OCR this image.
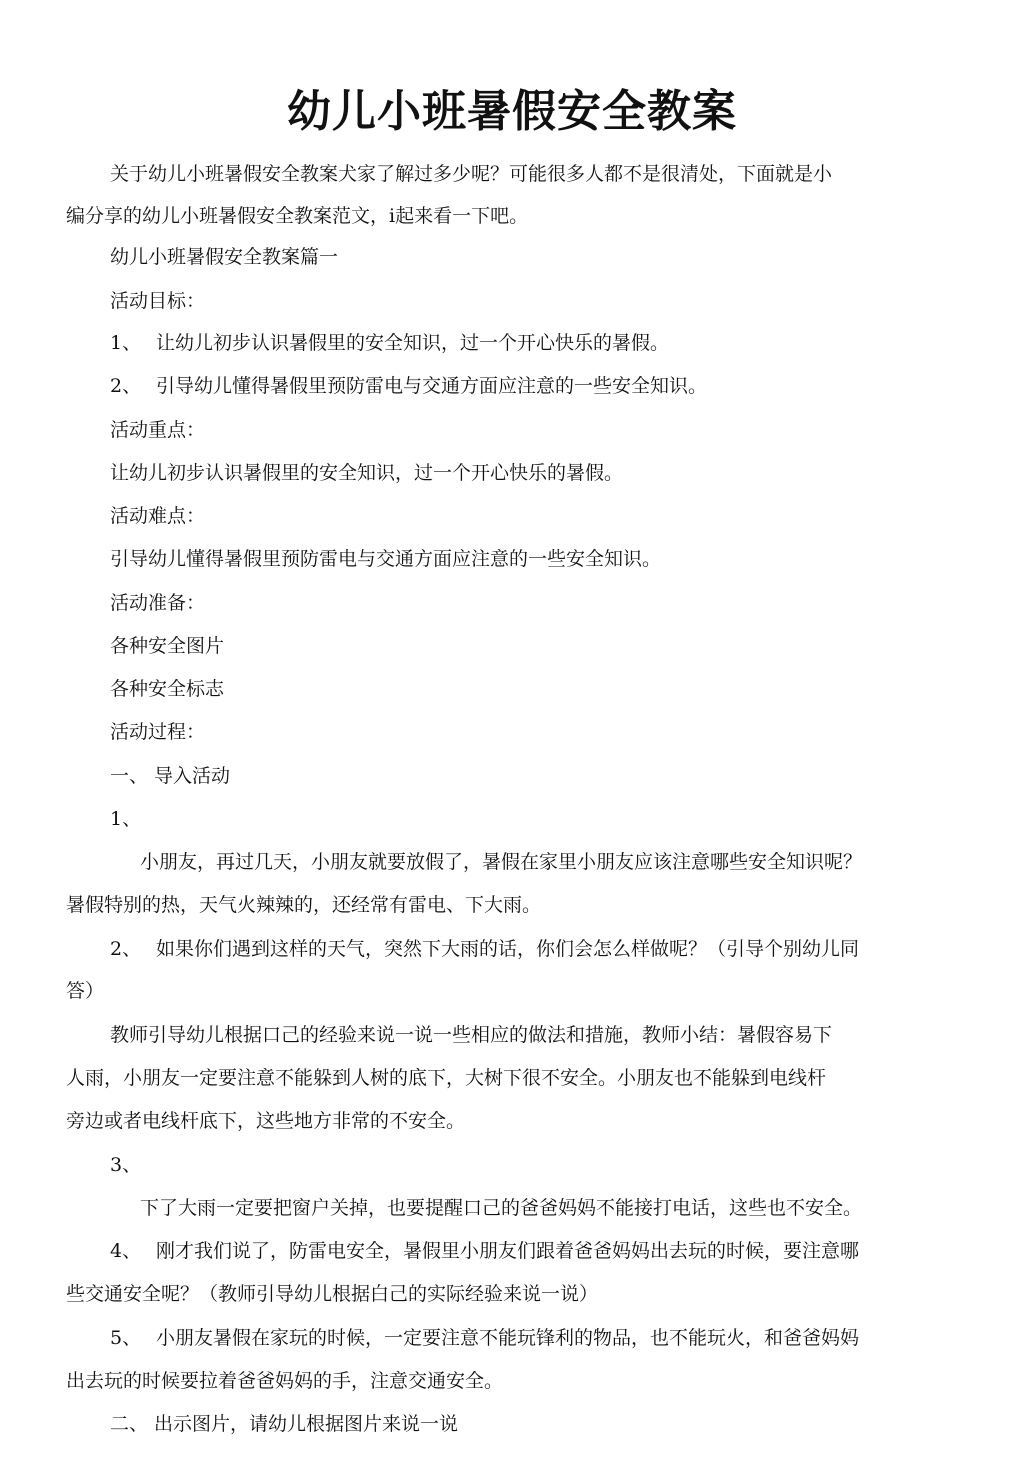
幼儿小班暑假安全教案
关于幼儿小班暑假安全教案犬家了解过多少呢？可能很多人都不是很清处，下面就是小
编分享的幼儿小班暑假安全教案范文，i起来看一下吧。
幼儿小班暑假安全教案篇一
活动目标：
1、 让幼儿初步认识暑假里的安全知识，过一个开心快乐的暑假。
2、 引导幼儿懂得暑假里预防雷电与交通方面应注意的一些安全知识。
活动重点：
让幼儿初步认识暑假里的安全知识，过一个开心快乐的暑假。
活动难点：
引导幼儿懂得暑假里预防雷电与交通方面应注意的一些安全知识。
活动准备：
各种安全图片
各种安全标志
活动过程：
一、 导入活动
1、
小朋友，再过几天，小朋友就要放假了，暑假在家里小朋友应该注意哪些安全知识呢？
暑假特别的热，天气火辣辣的，还经常有雷电、下大雨。
2、 如果你们遇到这样的天气，突然下大雨的话，你们会怎么样做呢？（引导个别幼儿同
答）
教师引导幼儿根据口己的经验来说一说一些相应的做法和措施，教师小结：暑假容易下
人雨，小朋友一定要注意不能躲到人树的底下，大树下很不安全。小朋友也不能躲到电线杆
旁边或者电线杆底下，这些地方非常的不安全。
3、
下了大雨一定要把窗户关掉，也要提醒口己的爸爸妈妈不能接打电话，这些也不安全。
4、 刚才我们说了，防雷电安全，暑假里小朋友们跟着爸爸妈妈出去玩的时候，要注意哪
些交通安全呢？（教师引导幼儿根据白己的实际经验来说一说）
5、 小朋友暑假在家玩的时候，一定要注意不能玩锋利的物品，也不能玩火，和爸爸妈妈
出去玩的时候要拉着爸爸妈妈的手，注意交通安全。
二、 出示图片，请幼儿根据图片来说一说
